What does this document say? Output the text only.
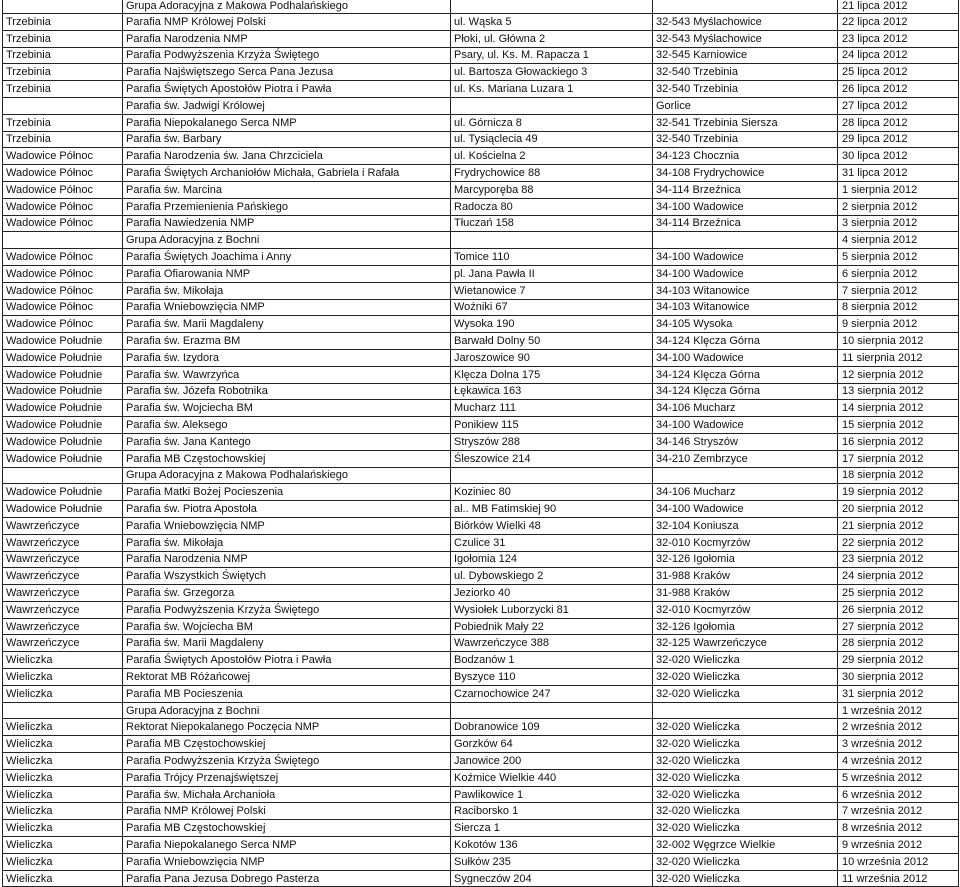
	Grupa Adoracyjna z Makowa Podhalańskiego			21 lipca 2012
Trzebinia	Parafia NMP Królowej Polski	ul. Wąska 5	32-543 Myślachowice	22 lipca 2012
Trzebinia	Parafia Narodzenia NMP	Płoki, ul. Główna 2	32-543 Myślachowice	23 lipca 2012
Trzebinia	Parafia Podwyższenia Krzyża Świętego	Psary, ul. Ks. M. Rapacza 1	32-545 Karniowice	24 lipca 2012
Trzebinia	Parafia Najświętszego Serca Pana Jezusa	ul. Bartosza Głowackiego 3	32-540 Trzebinia	25 lipca 2012
Trzebinia	Parafia Świętych Apostołów Piotra i Pawła	ul. Ks. Mariana Luzara 1	32-540 Trzebinia	26 lipca 2012
	Parafia św. Jadwigi Królowej		Gorlice	27 lipca 2012
Trzebinia	Parafia Niepokalanego Serca NMP	ul. Górnicza 8	32-541 Trzebinia Siersza	28 lipca 2012
Trzebinia	Parafia św. Barbary	ul. Tysiąclecia 49	32-540 Trzebinia	29 lipca 2012
Wadowice Północ	Parafia Narodzenia św. Jana Chrzciciela	ul. Kościelna 2	34-123 Chocznia	30 lipca 2012
Wadowice Północ	Parafia Świętych Archaniołów Michała, Gabriela i Rafała	Frydrychowice 88	34-108 Frydrychowice	31 lipca 2012
Wadowice Północ	Parafia św. Marcina	Marcyporęba 88	34-114 Brzeźnica	1 sierpnia 2012
Wadowice Północ	Parafia Przemienienia Pańskiego	Radocza 80	34-100 Wadowice	2 sierpnia 2012
Wadowice Północ	Parafia Nawiedzenia NMP	Tłuczań 158	34-114 Brzeźnica	3 sierpnia 2012
	Grupa Adoracyjna z Bochni			4 sierpnia 2012
Wadowice Północ	Parafia Świętych Joachima i Anny	Tomice 110	34-100 Wadowice	5 sierpnia 2012
Wadowice Północ	Parafia Ofiarowania NMP	pl. Jana Pawła II	34-100 Wadowice	6 sierpnia 2012
Wadowice Północ	Parafia św. Mikołaja	Wietanowice 7	34-103 Witanowice	7 sierpnia 2012
Wadowice Północ	Parafia Wniebowzięcia NMP	Woźniki 67	34-103 Witanowice	8 sierpnia 2012
Wadowice Północ	Parafia św. Marii Magdaleny	Wysoka 190	34-105 Wysoka	9 sierpnia 2012
Wadowice Południe	Parafia św. Erazma BM	Barwałd Dolny 50	34-124 Klęcza Górna	10 sierpnia 2012
Wadowice Południe	Parafia św. Izydora	Jaroszowice 90	34-100 Wadowice	11 sierpnia 2012
Wadowice Południe	Parafia św. Wawrzyńca	Klęcza Dolna 175	34-124 Klęcza Górna	12 sierpnia 2012
Wadowice Południe	Parafia św. Józefa Robotnika	Łękawica 163	34-124 Klęcza Górna	13 sierpnia 2012
Wadowice Południe	Parafia św. Wojciecha BM	Mucharz 111	34-106 Mucharz	14 sierpnia 2012
Wadowice Południe	Parafia św. Aleksego	Ponikiew 115	34-100 Wadowice	15 sierpnia 2012
Wadowice Południe	Parafia św. Jana Kantego	Stryszów 288	34-146 Stryszów	16 sierpnia 2012
Wadowice Południe	Parafia MB Częstochowskiej	Śleszowice 214	34-210 Zembrzyce	17 sierpnia 2012
	Grupa Adoracyjna z Makowa Podhalańskiego			18 sierpnia 2012
Wadowice Południe	Parafia Matki Bożej Pocieszenia	Koziniec 80	34-106 Mucharz	19 sierpnia 2012
Wadowice Południe	Parafia św. Piotra Apostoła	al.. MB Fatimskiej 90	34-100 Wadowice	20 sierpnia 2012
Wawrzeńczyce	Parafia Wniebowzięcia NMP	Biórków Wielki 48	32-104 Koniusza	21 sierpnia 2012
Wawrzeńczyce	Parafia św. Mikołaja	Czulice 31	32-010 Kocmyrzów	22 sierpnia 2012
Wawrzeńczyce	Parafia Narodzenia NMP	Igołomia 124	32-126 Igołomia	23 sierpnia 2012
Wawrzeńczyce	Parafia Wszystkich Świętych	ul. Dybowskiego 2	31-988 Kraków	24 sierpnia 2012
Wawrzeńczyce	Parafia św. Grzegorza	Jeziorko 40	31-988 Kraków	25 sierpnia 2012
Wawrzeńczyce	Parafia Podwyższenia Krzyża Świętego	Wysiołek Luborzycki 81	32-010 Kocmyrzów	26 sierpnia 2012
Wawrzeńczyce	Parafia św. Wojciecha BM	Pobiednik Mały 22	32-126 Igołomia	27 sierpnia 2012
Wawrzeńczyce	Parafia św. Marii Magdaleny	Wawrzeńczyce 388	32-125 Wawrzeńczyce	28 sierpnia 2012
Wieliczka	Parafia Świętych Apostołów Piotra i Pawła	Bodzanów 1	32-020 Wieliczka	29 sierpnia 2012
Wieliczka	Rektorat MB Różańcowej	Byszyce 110	32-020 Wieliczka	30 sierpnia 2012
Wieliczka	Parafia MB Pocieszenia	Czarnochowice 247	32-020 Wieliczka	31 sierpnia 2012
	Grupa Adoracyjna z Bochni			1 września 2012
Wieliczka	Rektorat Niepokalanego Poczęcia NMP	Dobranowice 109	32-020 Wieliczka	2 września 2012
Wieliczka	Parafia MB Częstochowskiej	Gorzków 64	32-020 Wieliczka	3 września 2012
Wieliczka	Parafia Podwyższenia Krzyża Świętego	Janowice 200	32-020 Wieliczka	4 września 2012
Wieliczka	Parafia Trójcy Przenajświętszej	Koźmice Wielkie 440	32-020 Wieliczka	5 września 2012
Wieliczka	Parafia św. Michała Archanioła	Pawlikowice 1	32-020 Wieliczka	6 września 2012
Wieliczka	Parafia NMP Królowej Polski	Raciborsko 1	32-020 Wieliczka	7 września 2012
Wieliczka	Parafia MB Częstochowskiej	Siercza 1	32-020 Wieliczka	8 września 2012
Wieliczka	Parafia Niepokalanego Serca NMP	Kokotów 136	32-002 Węgrzce Wielkie	9 września 2012
Wieliczka	Parafia Wniebowzięcia NMP	Sułków 235	32-020 Wieliczka	10 września 2012
Wieliczka	Parafia Pana Jezusa Dobrego Pasterza	Sygneczów 204	32-020 Wieliczka	11 września 2012
